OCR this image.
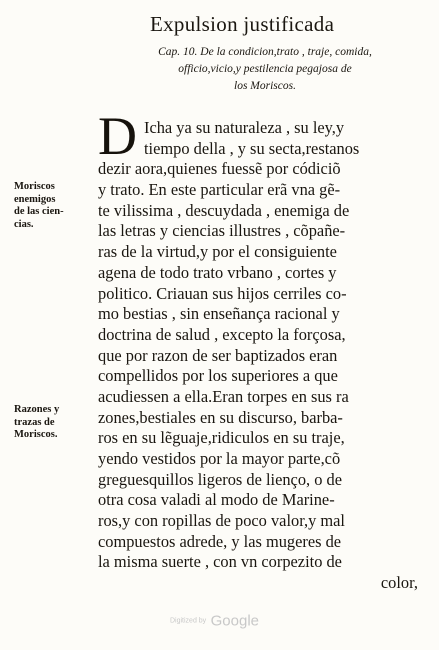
Expulsion justificada
Cap. 10. De la condicion,trato , traje, comida,
officio,vicio,y pestilencia pegajosa de
los Moriscos.
D Icha ya su naturaleza , su ley,y
tiempo della , y su secta,restanos
dezir aora,quienes fuessẽ por códiciõ
y trato. En este particular erã vna gẽ-
te vilissima , descuydada , enemiga de
las letras y ciencias illustres , cõpañe-
ras de la virtud,y por el consiguiente
agena de todo trato vrbano , cortes y
politico. Criauan sus hijos cerriles co-
mo bestias , sin enseñança racional y
doctrina de salud , excepto la forçosa,
que por razon de ser baptizados eran
compellidos por los superiores a que
acudiessen a ella.Eran torpes en sus ra
zones,bestiales en su discurso, barba-
ros en su lẽguaje,ridiculos en su traje,
yendo vestidos por la mayor parte,cõ
greguesquillos ligeros de lienço, o de
otra cosa valadi al modo de Marine-
ros,y con ropillas de poco valor,y mal
compuestos adrede, y las mugeres de
la misma suerte , con vn corpezito de
color,
Moriscos
enemigos
de las cien-
cias.
Razones y
trazas de
Moriscos.
Digitized by Google
